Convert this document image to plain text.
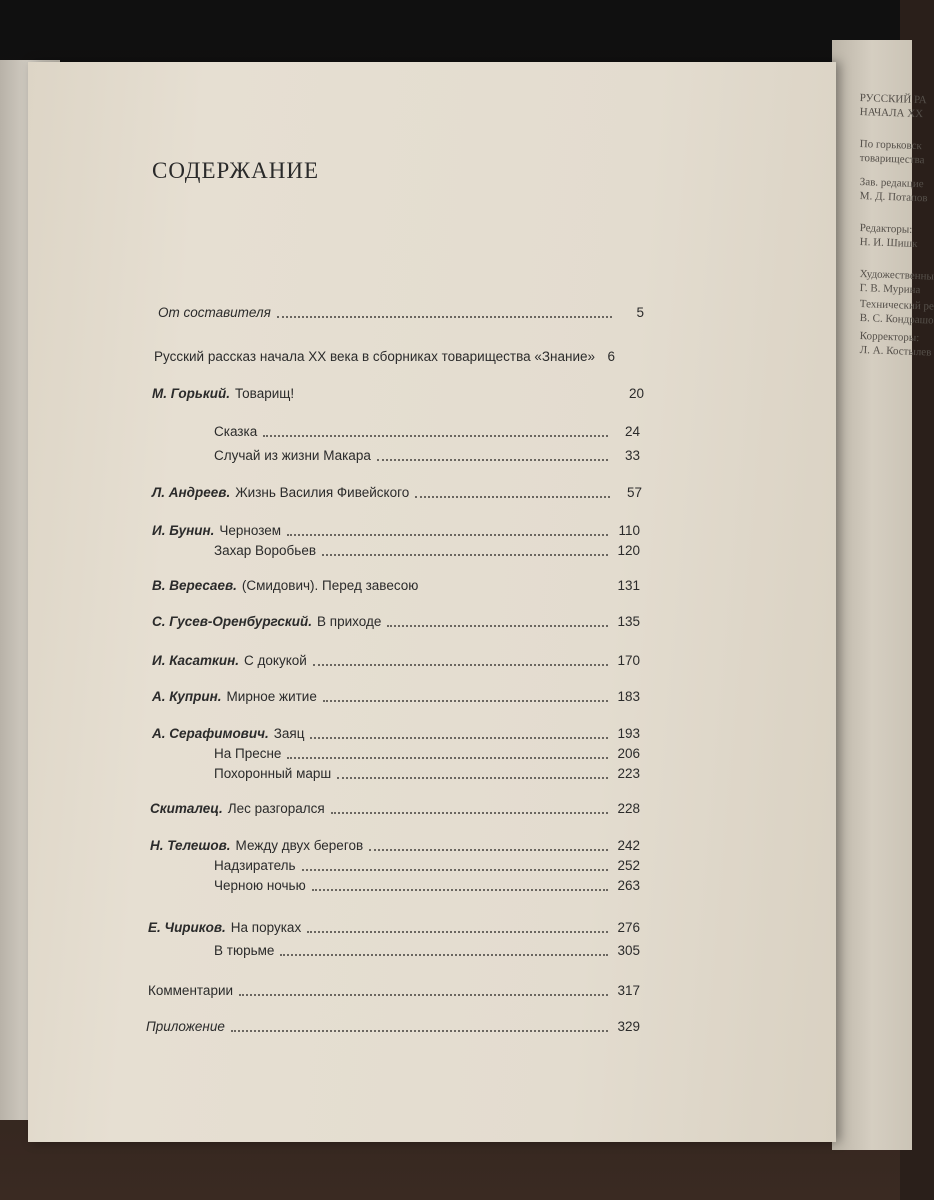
РУССКИЙ РА
НАЧАЛА XX
По горьковск
товарищества
Зав. редакцие
М. Д. Потапов
Редакторы:
Н. И. Шишк
Художественны
Г. В. Мурина
Технический ре
В. С. Кондрашо
Корректоры:
Л. А. Костылев
СОДЕРЖАНИЕ
От составителя	5
Русский рассказ начала XX века в сборниках товарищества «Знание» 6
М. Горький. Товарищ!	20
Сказка	24
Случай из жизни Макара	33
Л. Андреев. Жизнь Василия Фивейского	57
И. Бунин. Чернозем	110
Захар Воробьев	120
В. Вересаев. (Смидович). Перед завесою	131
С. Гусев-Оренбургский. В приходе	135
И. Касаткин. С докукой	170
А. Куприн. Мирное житие	183
А. Серафимович. Заяц	193
На Пресне	206
Похоронный марш	223
Скиталец. Лес разгорался	228
Н. Телешов. Между двух берегов	242
Надзиратель	252
Черною ночью	263
Е. Чириков. На поруках	276
В тюрьме	305
Комментарии	317
Приложение	329
